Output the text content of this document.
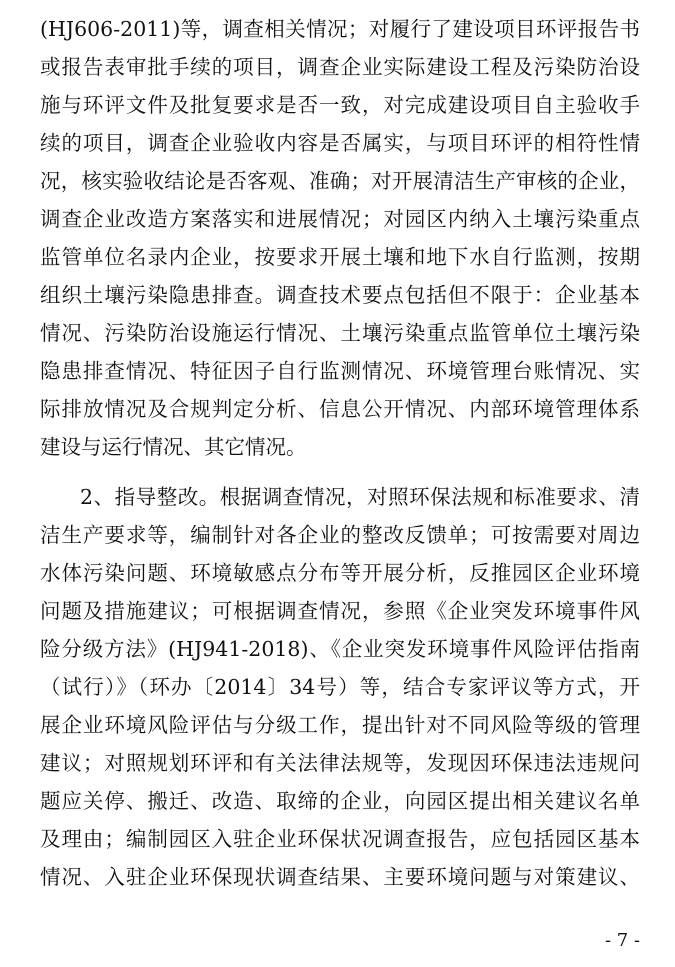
(HJ606-2011)等，调查相关情况；对履行了建设项目环评报告书
或报告表审批手续的项目，调查企业实际建设工程及污染防治设
施与环评文件及批复要求是否一致，对完成建设项目自主验收手
续的项目，调查企业验收内容是否属实，与项目环评的相符性情
况，核实验收结论是否客观、准确；对开展清洁生产审核的企业，
调查企业改造方案落实和进展情况；对园区内纳入土壤污染重点
监管单位名录内企业，按要求开展土壤和地下水自行监测，按期
组织土壤污染隐患排查。调查技术要点包括但不限于：企业基本
情况、污染防治设施运行情况、土壤污染重点监管单位土壤污染
隐患排查情况、特征因子自行监测情况、环境管理台账情况、实
际排放情况及合规判定分析、信息公开情况、内部环境管理体系
建设与运行情况、其它情况。
2、指导整改。根据调查情况，对照环保法规和标准要求、清
洁生产要求等，编制针对各企业的整改反馈单；可按需要对周边
水体污染问题、环境敏感点分布等开展分析，反推园区企业环境
问题及措施建议；可根据调查情况，参照《企业突发环境事件风
险分级方法》(HJ941-2018)、《企业突发环境事件风险评估指南
（试行）》（环办〔2014〕34号）等，结合专家评议等方式，开
展企业环境风险评估与分级工作，提出针对不同风险等级的管理
建议；对照规划环评和有关法律法规等，发现因环保违法违规问
题应关停、搬迁、改造、取缔的企业，向园区提出相关建议名单
及理由；编制园区入驻企业环保状况调查报告，应包括园区基本
情况、入驻企业环保现状调查结果、主要环境问题与对策建议、
- 7 -
